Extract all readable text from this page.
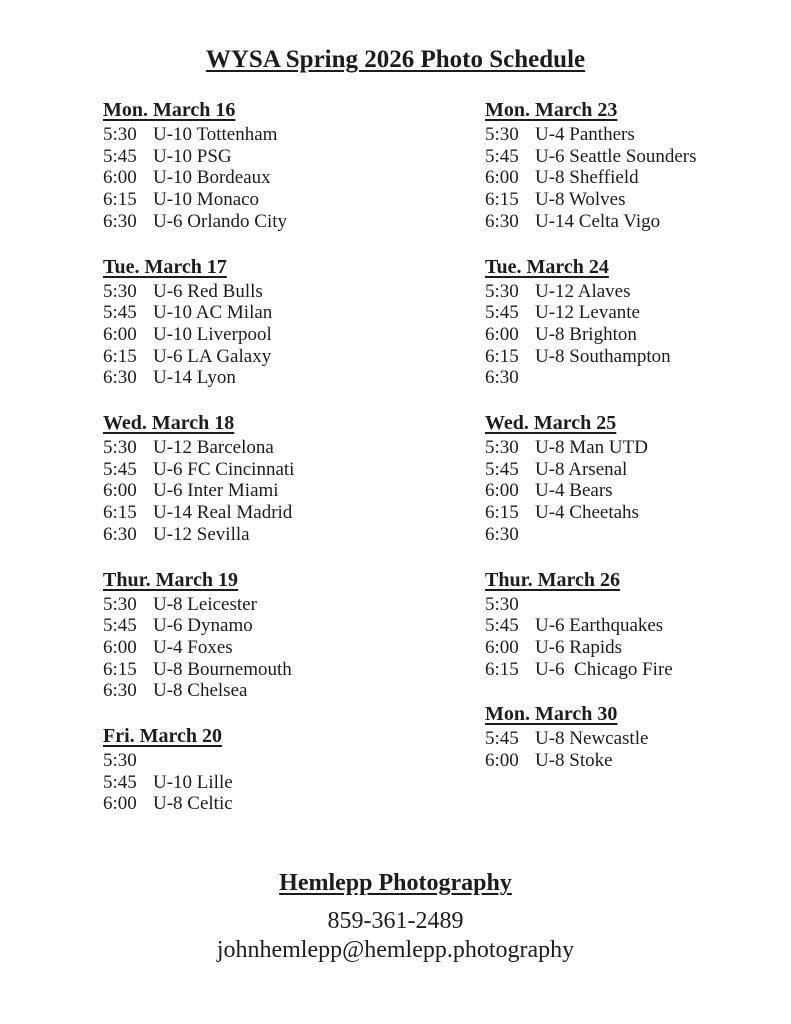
WYSA Spring 2026 Photo Schedule
Mon. March 16
5:30 U-10 Tottenham
5:45 U-10 PSG
6:00 U-10 Bordeaux
6:15 U-10 Monaco
6:30 U-6 Orlando City
Tue. March 17
5:30 U-6 Red Bulls
5:45 U-10 AC Milan
6:00 U-10 Liverpool
6:15 U-6 LA Galaxy
6:30 U-14 Lyon
Wed. March 18
5:30 U-12 Barcelona
5:45 U-6 FC Cincinnati
6:00 U-6 Inter Miami
6:15 U-14 Real Madrid
6:30 U-12 Sevilla
Thur. March 19
5:30 U-8 Leicester
5:45 U-6 Dynamo
6:00 U-4 Foxes
6:15 U-8 Bournemouth
6:30 U-8 Chelsea
Fri. March 20
5:30
5:45 U-10 Lille
6:00 U-8 Celtic
Mon. March 23
5:30 U-4 Panthers
5:45 U-6 Seattle Sounders
6:00 U-8 Sheffield
6:15 U-8 Wolves
6:30 U-14 Celta Vigo
Tue. March 24
5:30 U-12 Alaves
5:45 U-12 Levante
6:00 U-8 Brighton
6:15 U-8 Southampton
6:30
Wed. March 25
5:30 U-8 Man UTD
5:45 U-8 Arsenal
6:00 U-4 Bears
6:15 U-4 Cheetahs
6:30
Thur. March 26
5:30
5:45 U-6 Earthquakes
6:00 U-6 Rapids
6:15 U-6  Chicago Fire
Mon. March 30
5:45 U-8 Newcastle
6:00 U-8 Stoke
Hemlepp Photography
859-361-2489
johnhemlepp@hemlepp.photography
